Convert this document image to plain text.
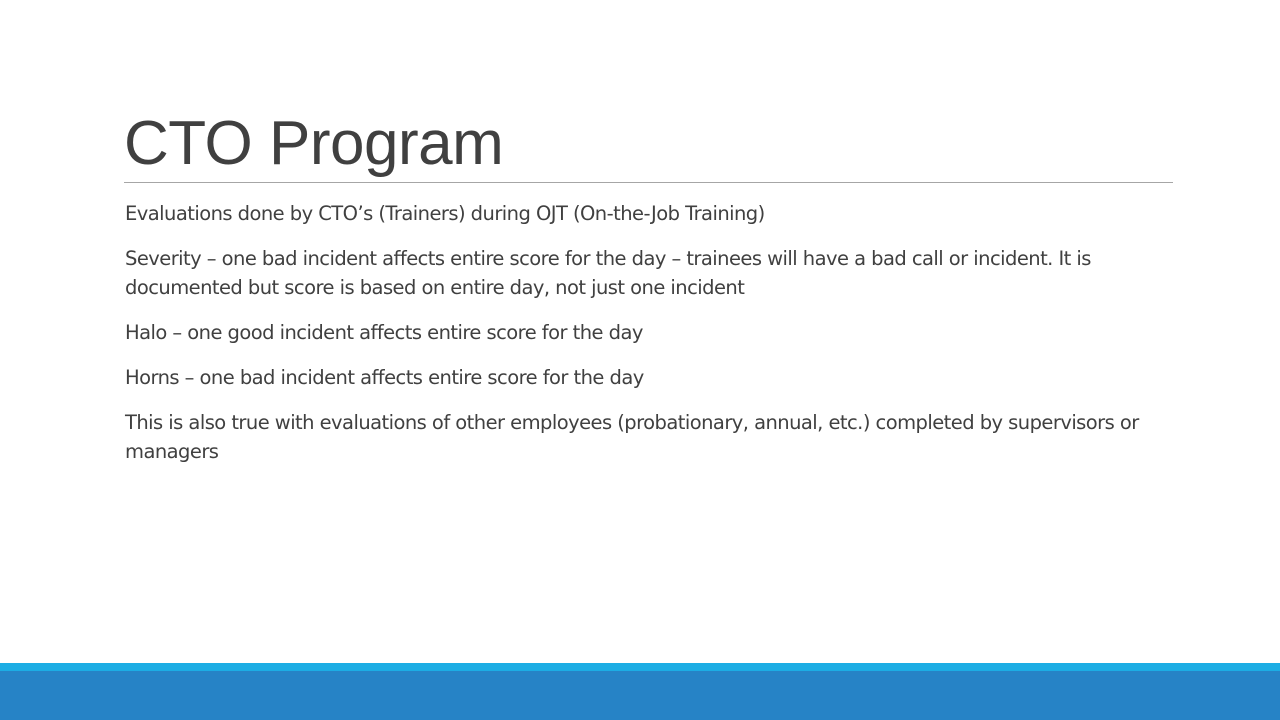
CTO Program

Evaluations done by CTO’s (Trainers) during OJT (On-the-Job Training)

Severity – one bad incident affects entire score for the day – trainees will have a bad call or incident. It is documented but score is based on entire day, not just one incident

Halo – one good incident affects entire score for the day

Horns – one bad incident affects entire score for the day

This is also true with evaluations of other employees (probationary, annual, etc.) completed by supervisors or managers
